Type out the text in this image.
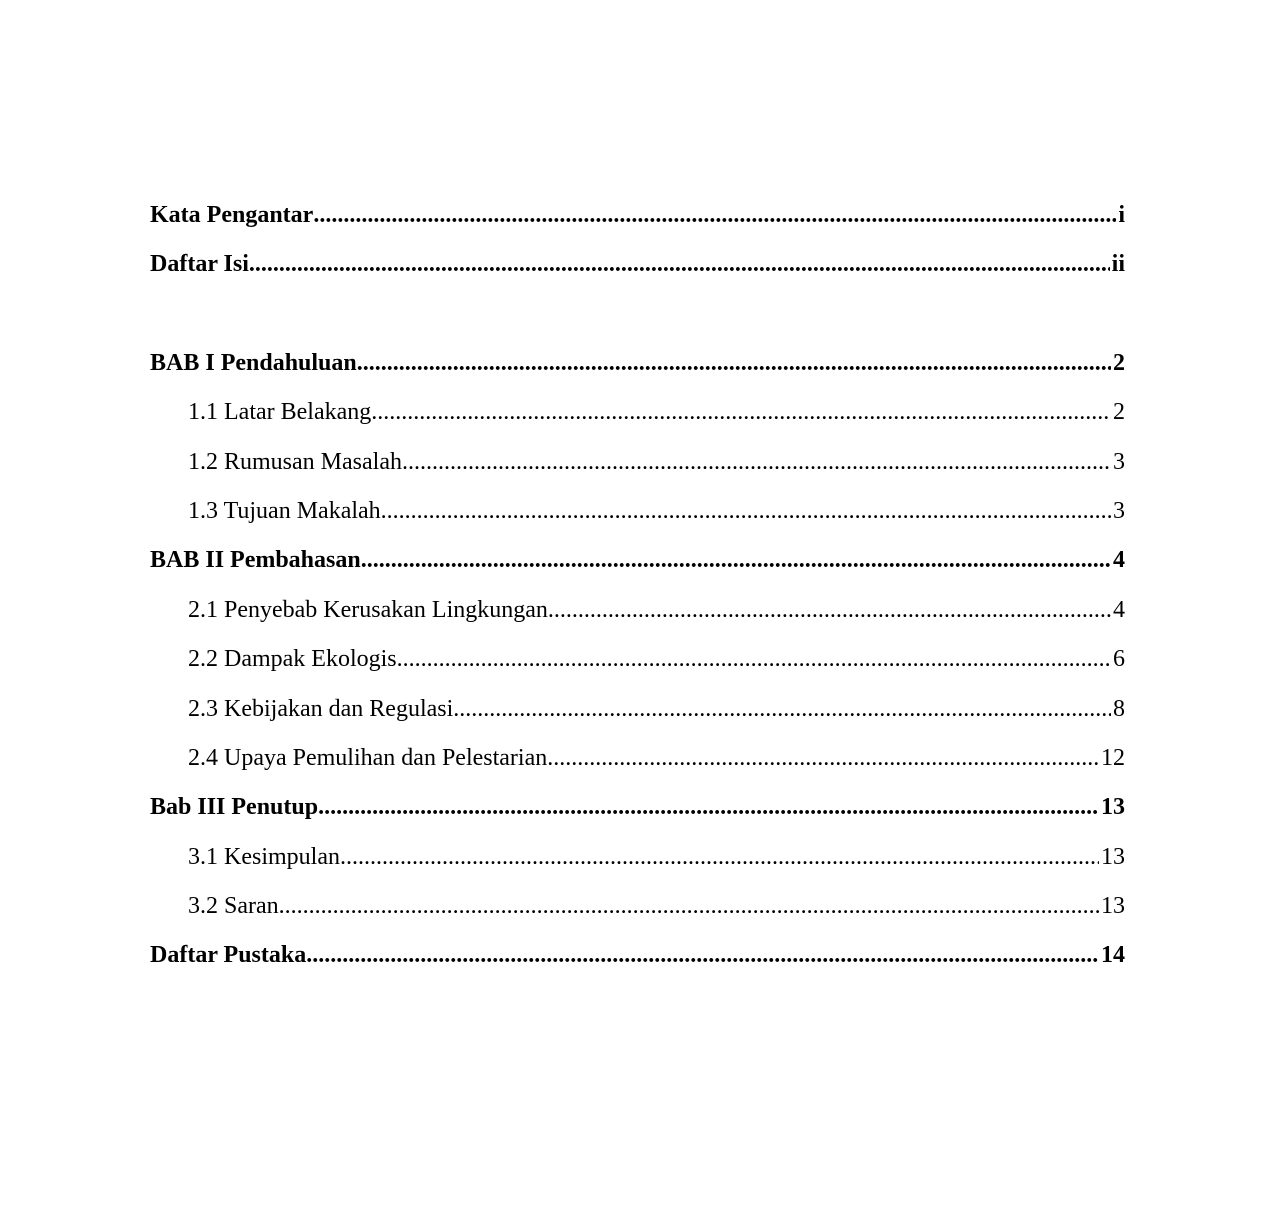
Kata Pengantar .....	i
Daftar Isi .....	ii
BAB I Pendahuluan .....	2
1.1 Latar Belakang .....	2
1.2 Rumusan Masalah .....	3
1.3 Tujuan Makalah .....	3
BAB II Pembahasan .....	4
2.1 Penyebab Kerusakan Lingkungan .....	4
2.2 Dampak Ekologis .....	6
2.3 Kebijakan dan Regulasi .....	8
2.4 Upaya Pemulihan dan Pelestarian .....	12
Bab III Penutup .....	13
3.1 Kesimpulan .....	13
3.2 Saran .....	13
Daftar Pustaka .....	14
